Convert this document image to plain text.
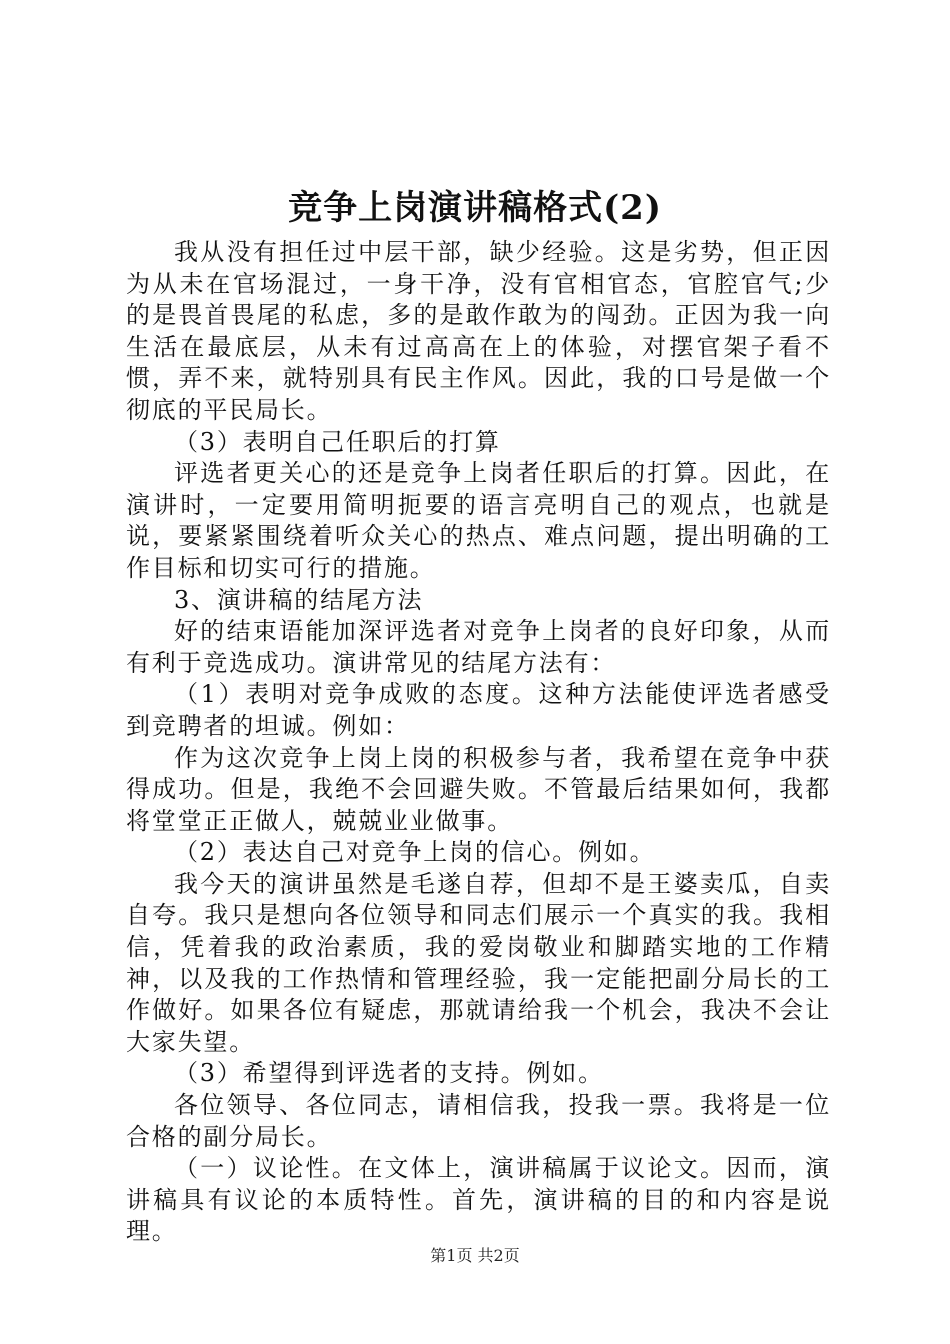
竞争上岗演讲稿格式(2)

我从没有担任过中层干部，缺少经验。这是劣势，但正因为从未在官场混过，一身干净，没有官相官态，官腔官气;少的是畏首畏尾的私虑，多的是敢作敢为的闯劲。正因为我一向生活在最底层，从未有过高高在上的体验，对摆官架子看不惯，弄不来，就特别具有民主作风。因此，我的口号是做一个彻底的平民局长。

（3）表明自己任职后的打算

评选者更关心的还是竞争上岗者任职后的打算。因此，在演讲时，一定要用简明扼要的语言亮明自己的观点，也就是说，要紧紧围绕着听众关心的热点、难点问题，提出明确的工作目标和切实可行的措施。

3、演讲稿的结尾方法

好的结束语能加深评选者对竞争上岗者的良好印象，从而有利于竞选成功。演讲常见的结尾方法有：

（1）表明对竞争成败的态度。这种方法能使评选者感受到竞聘者的坦诚。例如：

作为这次竞争上岗上岗的积极参与者，我希望在竞争中获得成功。但是，我绝不会回避失败。不管最后结果如何，我都将堂堂正正做人，兢兢业业做事。

（2）表达自己对竞争上岗的信心。例如。

我今天的演讲虽然是毛遂自荐，但却不是王婆卖瓜，自卖自夸。我只是想向各位领导和同志们展示一个真实的我。我相信，凭着我的政治素质，我的爱岗敬业和脚踏实地的工作精神，以及我的工作热情和管理经验，我一定能把副分局长的工作做好。如果各位有疑虑，那就请给我一个机会，我决不会让大家失望。

（3）希望得到评选者的支持。例如。

各位领导、各位同志，请相信我，投我一票。我将是一位合格的副分局长。

（一）议论性。在文体上，演讲稿属于议论文。因而，演讲稿具有议论的本质特性。首先，演讲稿的目的和内容是说理。

第1页 共2页
